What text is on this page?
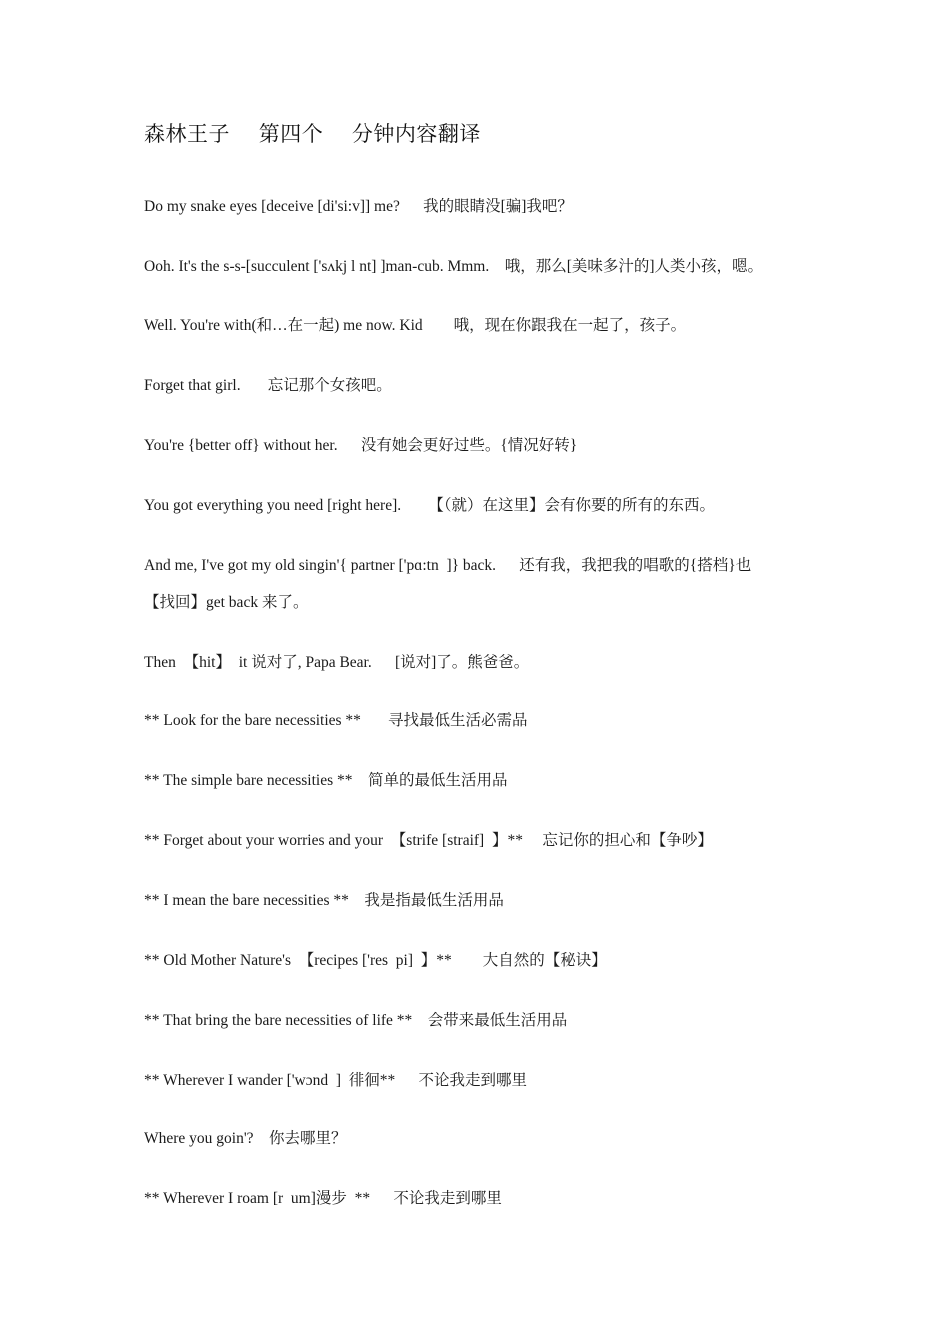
森林王子    第四个    分钟内容翻译
Do my snake eyes [deceive [di'si:v]] me?      我的眼睛没[骗]我吧？
Ooh. It's the s-s-[succulent ['sʌkj l nt] ]man-cub. Mmm.    哦，那么[美味多汁的]人类小孩，嗯。
Well. You're with(和…在一起) me now. Kid        哦，现在你跟我在一起了，孩子。
Forget that girl.       忘记那个女孩吧。
You're {better off} without her.      没有她会更好过些。{情况好转}
You got everything you need [right here].       【（就）在这里】会有你要的所有的东西。
And me, I've got my old singin'{ partner ['pɑ:tn  ]} back.      还有我，我把我的唱歌的{搭档}也
【找回】get back 来了。
Then  【hit】  it 说对了, Papa Bear.      [说对]了。熊爸爸。
** Look for the bare necessities **       寻找最低生活必需品
** The simple bare necessities **    简单的最低生活用品
** Forget about your worries and your  【strife [straif]  】**     忘记你的担心和【争吵】
** I mean the bare necessities **    我是指最低生活用品
** Old Mother Nature's  【recipes ['res  pi]  】**        大自然的【秘诀】
** That bring the bare necessities of life **    会带来最低生活用品
** Wherever I wander ['wɔnd  ]  徘徊**      不论我走到哪里
Where you goin'?    你去哪里？
** Wherever I roam [r  um]漫步  **      不论我走到哪里
